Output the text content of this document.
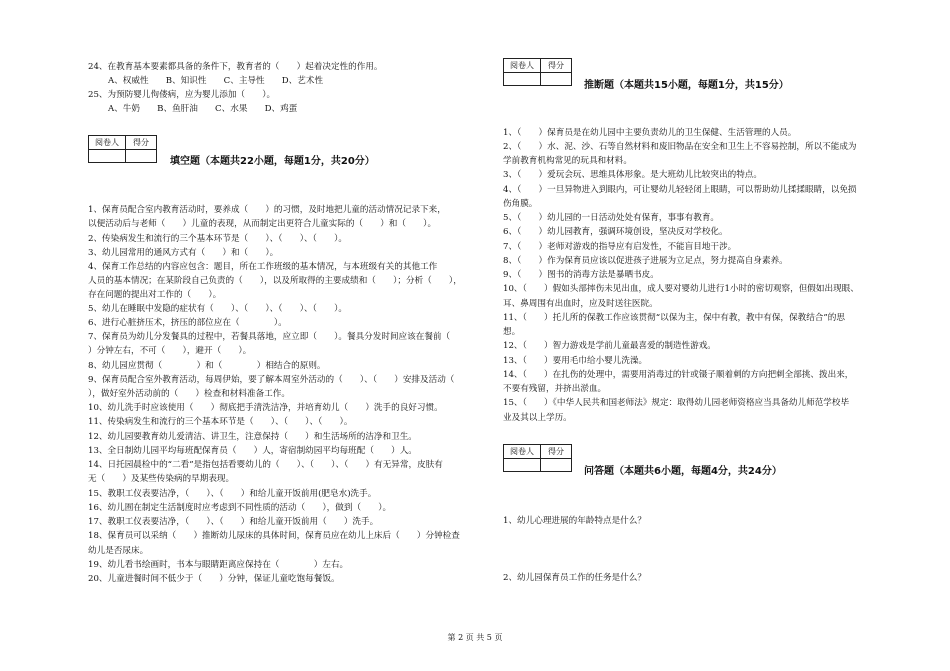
24、在教育基本要素都具备的条件下，教育者的（　　）起着决定性的作用。
A、权威性　　B、知识性　　C、主导性　　D、艺术性
25、为预防婴儿佝偻病，应为婴儿添加（　　）。
A、牛奶　　B、鱼肝油　　C、水果　　D、鸡蛋
阅卷人	得分

填空题（本题共22小题，每题1分，共20分）
1、保育员配合室内教育活动时，要养成（　　）的习惯，及时地把儿童的活动情况记录下来，
以便活动后与老师（　　）儿童的表现，从而制定出更符合儿童实际的（　　）和（　　）。
2、传染病发生和流行的三个基本环节是（　　）、（　　）、（　　）。
3、幼儿园常用的通风方式有（　　）和（　　）。
4、保育工作总结的内容应包含：题目，所在工作班级的基本情况，与本班级有关的其他工作
人员的基本情况；在某阶段自己负责的（　　），以及所取得的主要成绩和（　　）；分析（　　），
存在问题的提出对工作的（　　）。
5、幼儿在睡眠中发隐的症状有（　　）、（　　）、（　　）、（　　）。
6、进行心脏挤压术，挤压的部位应在（　　　　）。
7、保育员为幼儿分发餐具的过程中，若餐具落地，应立即（　　）。餐具分发时间应该在餐前（
）分钟左右，不可（　　），避开（　　）。
8、幼儿园应贯彻（　　　　）和（　　　　）相结合的原则。
9、保育员配合室外教育活动，每周伊始，要了解本周室外活动的（　　）、（　　）安排及活动（
），做好室外活动前的（　　）检查和材料准备工作。
10、幼儿洗手时应该使用（　　）彻底把手清洗洁净，并培育幼儿（　　）洗手的良好习惯。
11、传染病发生和流行的三个基本环节是（　　）、（　　）、（　　）。
12、幼儿园要教育幼儿爱清洁、讲卫生，注意保持（　　）和生活场所的洁净和卫生。
13、全日制幼儿园平均每班配保育员（　　）人，寄宿制幼园平均每班配（　　）人。
14、日托园晨检中的“二看”是指包括看婴幼儿的（　　）、（　　）、（　　）有无异常，皮肤有
无（　　）及某些传染病的早期表现。
15、教职工仪表要洁净，（　　）、（　　）和给儿童开饭前用(肥皂水)洗手。
16、幼儿囿在制定生活制度时应考虑到不同性质的活动（　　），做到（　　）。
17、教职工仪表要洁净，（　　）、（　　）和给儿童开饭前用（　　）洗手。
18、保育员可以采纳（　　）推断幼儿尿床的具体时间，保育员应在幼儿上床后（　　）分钟检查
幼儿是否尿床。
19、幼儿看书绘画时，书本与眼睛距离应保持在（　　　　）左右。
20、儿童进餐时间不低少于（　　）分钟，保证儿童吃饱每餐饭。
阅卷人	得分

推断题（本题共15小题，每题1分，共15分）
1、（　　）保育员是在幼儿园中主要负责幼儿的卫生保健、生活管理的人员。
2、（　　）水、泥、沙、石等自然材料和废旧物品在安全和卫生上不容易控制，所以不能成为
学前教育机构常见的玩具和材料。
3、（　　）爱玩会玩、思维具体形象。是大班幼儿比较突出的特点。
4、（　　）一旦异物进入到眼内，可让婴幼儿轻轻闭上眼睛，可以帮助幼儿揉揉眼睛，以免损
伤角膜。
5、（　　）幼儿园的一日活动处处有保育，事事有教育。
6、（　　）幼儿园教育，强调环境创设，坚决反对学校化。
7、（　　）老师对游戏的指导应有启发性，不能盲目地干涉。
8、（　　）作为保育员应该以促进孩子进展为立足点，努力提高自身素养。
9、（　　）图书的消毒方法是暴晒书皮。
10、（　　）假如头部摔伤未见出血，成人要对婴幼儿进行1小时的密切观察，但假如出现眼、
耳、鼻周围有出血时，应及时送往医院。
11、（　　）托儿所的保教工作应该贯彻“以保为主，保中有教，教中有保，保教结合”的思
想。
12、（　　）智力游戏是学前儿童最喜爱的制造性游戏。
13、（　　）要用毛巾给小婴儿洗澡。
14、（　　）在扎伤的处理中，需要用消毒过的针或镊子顺着刺的方向把刺全部挑、拨出来，
不要有残留，并挤出淤血。
15、（　　）《中华人民共和国老师法》规定：取得幼儿园老师资格应当具备幼儿师范学校毕
业及其以上学历。
阅卷人	得分

问答题（本题共6小题，每题4分，共24分）
1、幼儿心理进展的年龄特点是什么？
2、幼儿园保育员工作的任务是什么？
第 2 页 共 5 页
